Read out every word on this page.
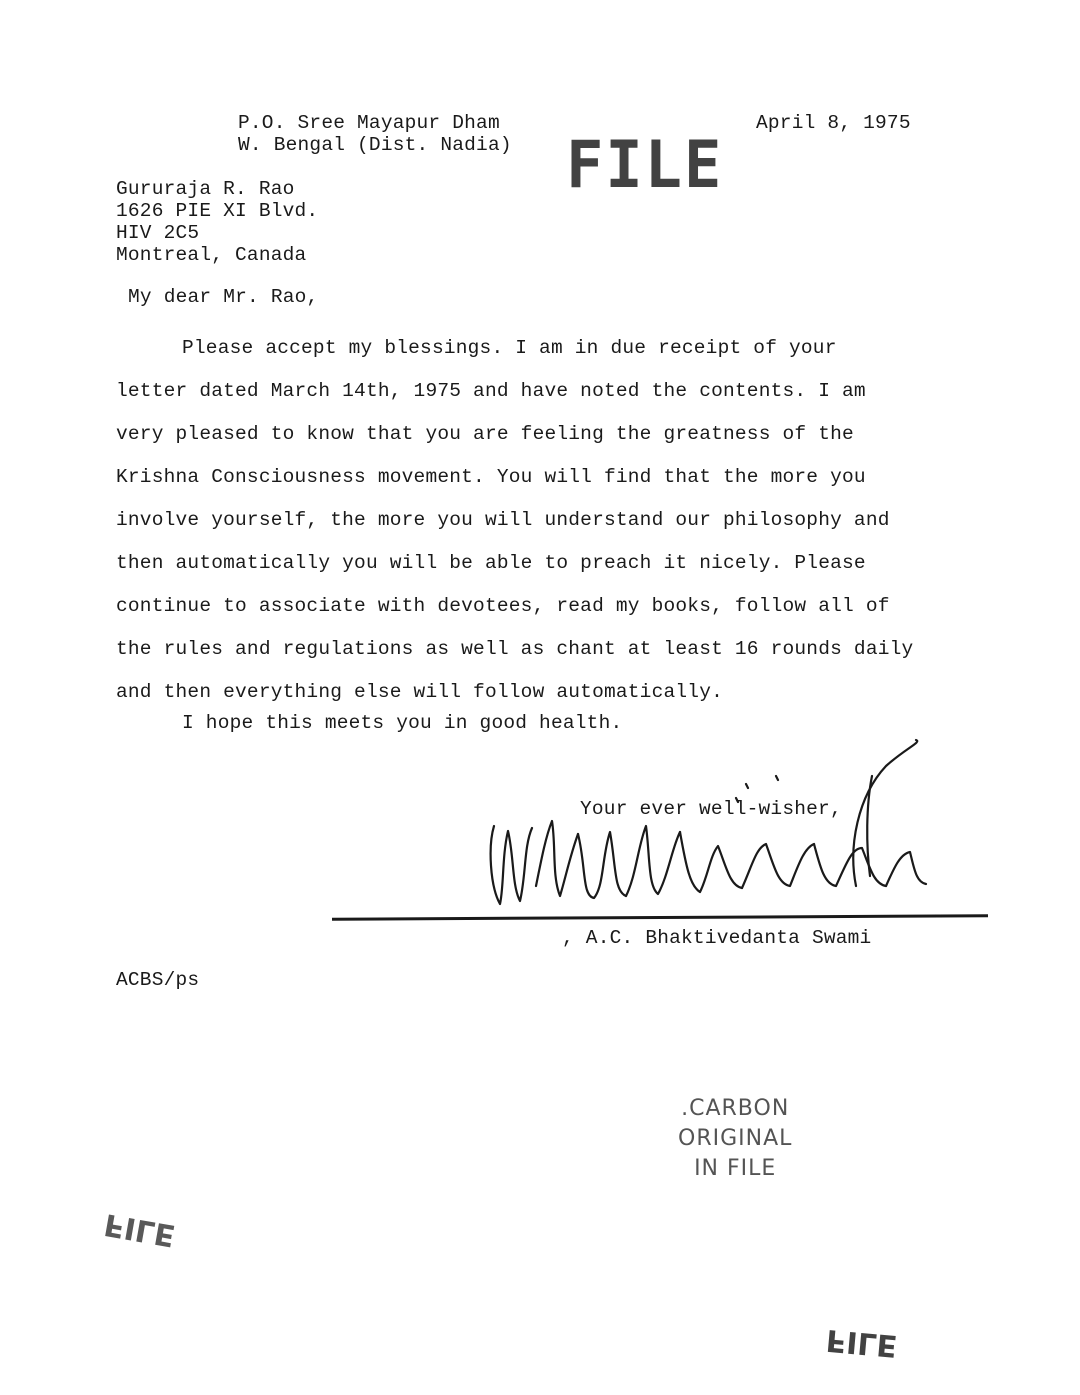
P.O. Sree Mayapur Dham
W. Bengal (Dist. Nadia) FILE
April 8, 1975
Gururaja R. Rao
1626 PIE XI Blvd.
HIV 2C5
Montreal, Canada
My dear Mr. Rao,
Please accept my blessings. I am in due receipt of your
letter dated March 14th, 1975 and have noted the contents. I am
very pleased to know that you are feeling the greatness of the
Krishna Consciousness movement. You will find that the more you
involve yourself, the more you will understand our philosophy and
then automatically you will be able to preach it nicely. Please
continue to associate with devotees, read my books, follow all of
the rules and regulations as well as chant at least 16 rounds daily
and then everything else will follow automatically.
I hope this meets you in good health.
Your ever well-wisher,
, A.C. Bhaktivedanta Swami
ACBS/ps
.CARBON
ORIGINAL
IN FILE
FILE
FILE
